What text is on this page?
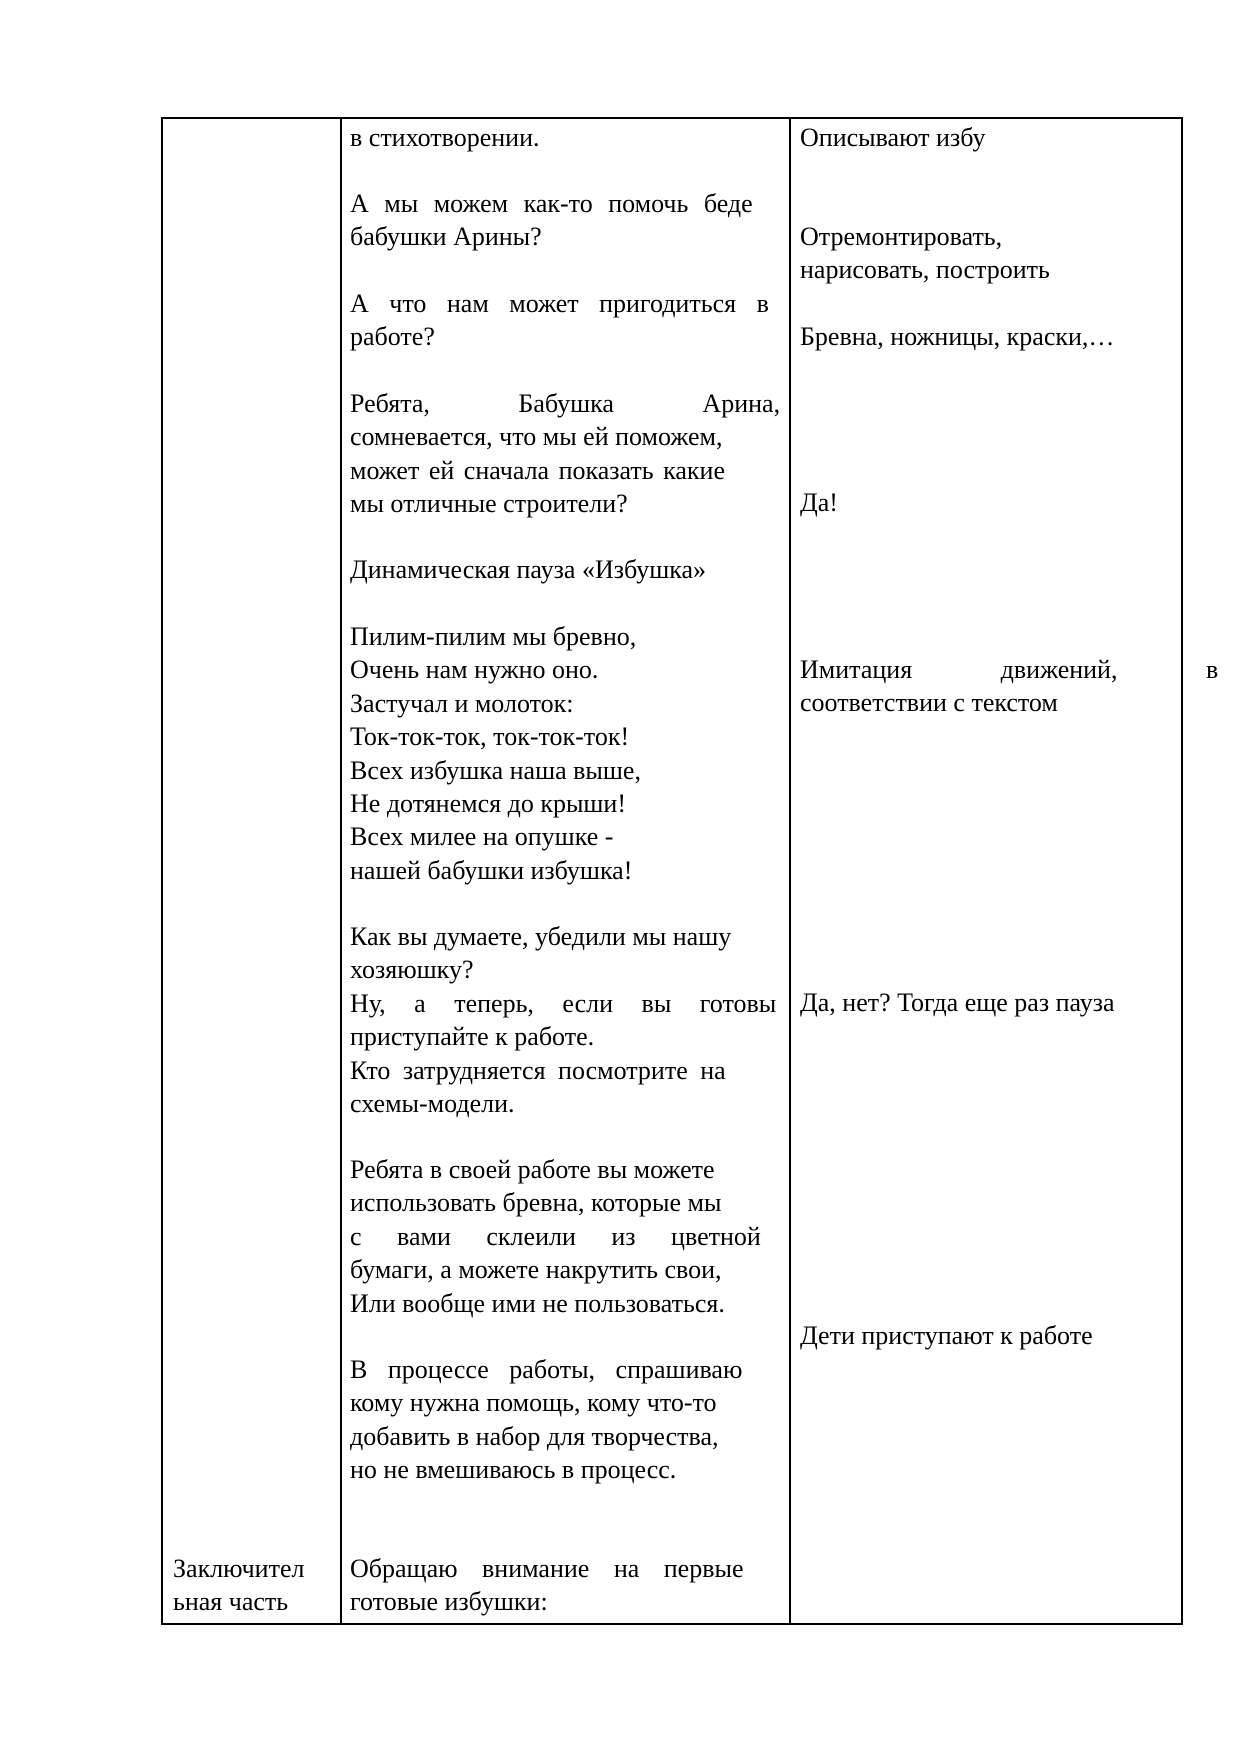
Заключител
ьная часть
в стихотворении.
А мы можем как-то помочь беде
бабушки Арины?
А что нам может пригодиться в
работе?
Ребята, Бабушка Арина,
сомневается, что мы ей поможем,
может ей сначала показать какие
мы отличные строители?
Динамическая пауза «Избушка»
Пилим-пилим мы бревно,
Очень нам нужно оно.
Застучал и молоток:
Ток-ток-ток, ток-ток-ток!
Всех избушка наша выше,
Не дотянемся до крыши!
Всех милее на опушке -
нашей бабушки избушка!
Как вы думаете, убедили мы нашу
хозяюшку?
Ну, а теперь, если вы готовы
приступайте к работе.
Кто затрудняется посмотрите на
схемы-модели.
Ребята в своей работе вы можете
использовать бревна, которые мы
с вами склеили из цветной
бумаги, а можете накрутить свои,
Или вообще ими не пользоваться.
В процессе работы, спрашиваю
кому нужна помощь, кому что-то
добавить в набор для творчества,
но не вмешиваюсь в процесс.
Обращаю внимание на первые
готовые избушки:
Описывают избу
Отремонтировать,
нарисовать, построить
Бревна, ножницы, краски,…
Да!
Имитация движений, в
соответствии с текстом
Да, нет? Тогда еще раз пауза
Дети приступают к работе
